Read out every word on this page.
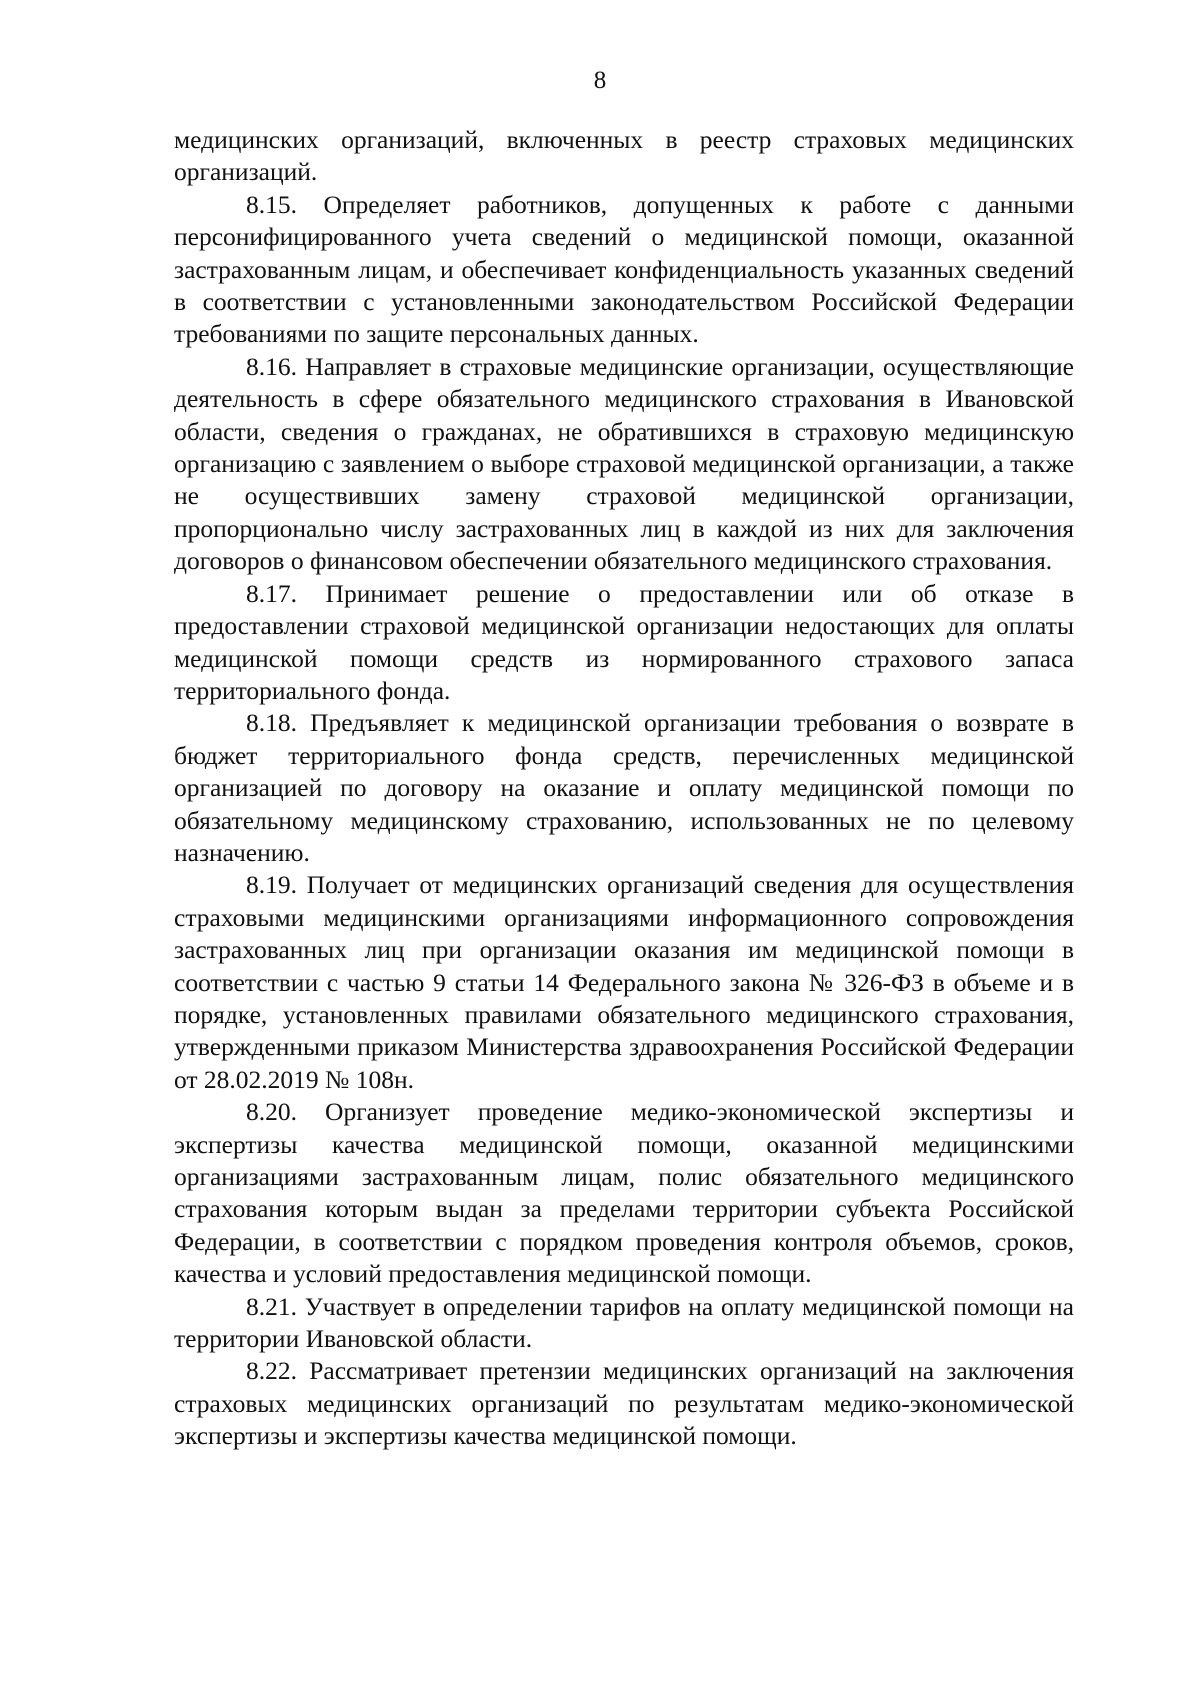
8

медицинских организаций, включенных в реестр страховых медицинских организаций.

8.15. Определяет работников, допущенных к работе с данными персонифицированного учета сведений о медицинской помощи, оказанной застрахованным лицам, и обеспечивает конфиденциальность указанных сведений в соответствии с установленными законодательством Российской Федерации требованиями по защите персональных данных.

8.16. Направляет в страховые медицинские организации, осуществляющие деятельность в сфере обязательного медицинского страхования в Ивановской области, сведения о гражданах, не обратившихся в страховую медицинскую организацию с заявлением о выборе страховой медицинской организации, а также не осуществивших замену страховой медицинской организации, пропорционально числу застрахованных лиц в каждой из них для заключения договоров о финансовом обеспечении обязательного медицинского страхования.

8.17. Принимает решение о предоставлении или об отказе в предоставлении страховой медицинской организации недостающих для оплаты медицинской помощи средств из нормированного страхового запаса территориального фонда.

8.18. Предъявляет к медицинской организации требования о возврате в бюджет территориального фонда средств, перечисленных медицинской организацией по договору на оказание и оплату медицинской помощи по обязательному медицинскому страхованию, использованных не по целевому назначению.

8.19. Получает от медицинских организаций сведения для осуществления страховыми медицинскими организациями информационного сопровождения застрахованных лиц при организации оказания им медицинской помощи в соответствии с частью 9 статьи 14 Федерального закона № 326-ФЗ в объеме и в порядке, установленных правилами обязательного медицинского страхования, утвержденными приказом Министерства здравоохранения Российской Федерации от 28.02.2019 № 108н.

8.20. Организует проведение медико-экономической экспертизы и экспертизы качества медицинской помощи, оказанной медицинскими организациями застрахованным лицам, полис обязательного медицинского страхования которым выдан за пределами территории субъекта Российской Федерации, в соответствии с порядком проведения контроля объемов, сроков, качества и условий предоставления медицинской помощи.

8.21. Участвует в определении тарифов на оплату медицинской помощи на территории Ивановской области.

8.22. Рассматривает претензии медицинских организаций на заключения страховых медицинских организаций по результатам медико-экономической экспертизы и экспертизы качества медицинской помощи.
